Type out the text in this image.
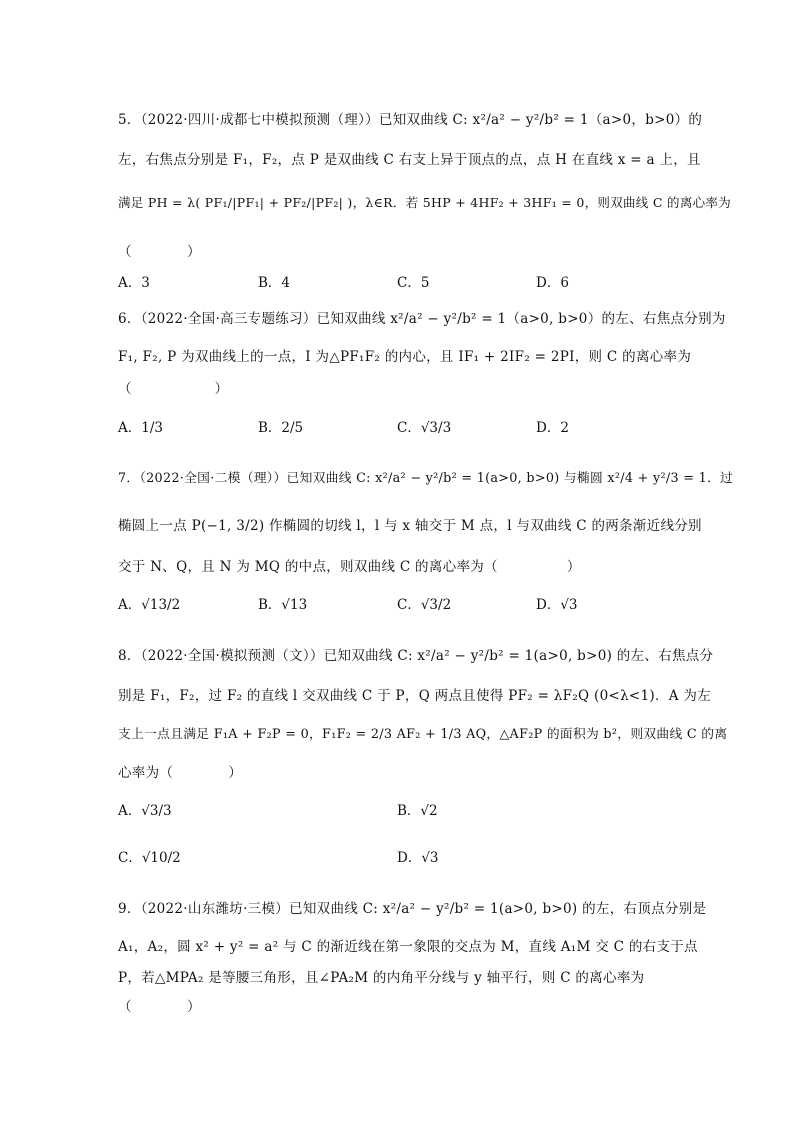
5．（2022·四川·成都七中模拟预测（理））已知双曲线 C: x²/a² − y²/b² = 1（a>0，b>0）的
左，右焦点分别是 F₁，F₂，点 P 是双曲线 C 右支上异于顶点的点，点 H 在直线 x = a 上，且
满足 PH = λ( PF₁/|PF₁| + PF₂/|PF₂| )，λ∈R．若 5HP + 4HF₂ + 3HF₁ = 0，则双曲线 C 的离心率为
（　　　　）
A．3	B．4	C．5	D．6
6．（2022·全国·高三专题练习）已知双曲线 x²/a² − y²/b² = 1（a>0, b>0）的左、右焦点分别为
F₁, F₂, P 为双曲线上的一点，I 为△PF₁F₂ 的内心，且 IF₁ + 2IF₂ = 2PI，则 C 的离心率为
（　　　　　　）
A．1/3	B．2/5	C．√3/3	D．2
7．（2022·全国·二模（理））已知双曲线 C: x²/a² − y²/b² = 1(a>0, b>0) 与椭圆 x²/4 + y²/3 = 1．过
椭圆上一点 P(−1, 3/2) 作椭圆的切线 l，l 与 x 轴交于 M 点，l 与双曲线 C 的两条渐近线分别
交于 N、Q，且 N 为 MQ 的中点，则双曲线 C 的离心率为（　　　　　）
A．√13/2	B．√13	C．√3/2	D．√3
8．（2022·全国·模拟预测（文））已知双曲线 C: x²/a² − y²/b² = 1(a>0, b>0) 的左、右焦点分
别是 F₁，F₂，过 F₂ 的直线 l 交双曲线 C 于 P，Q 两点且使得 PF₂ = λF₂Q (0<λ<1)．A 为左
支上一点且满足 F₁A + F₂P = 0，F₁F₂ = 2/3 AF₂ + 1/3 AQ，△AF₂P 的面积为 b²，则双曲线 C 的离
心率为（　　　　）
A．√3/3	B．√2
C．√10/2	D．√3
9．（2022·山东潍坊·三模）已知双曲线 C: x²/a² − y²/b² = 1(a>0, b>0) 的左，右顶点分别是
A₁，A₂，圆 x² + y² = a² 与 C 的渐近线在第一象限的交点为 M，直线 A₁M 交 C 的右支于点
P，若△MPA₂ 是等腰三角形，且∠PA₂M 的内角平分线与 y 轴平行，则 C 的离心率为
（　　　　）
